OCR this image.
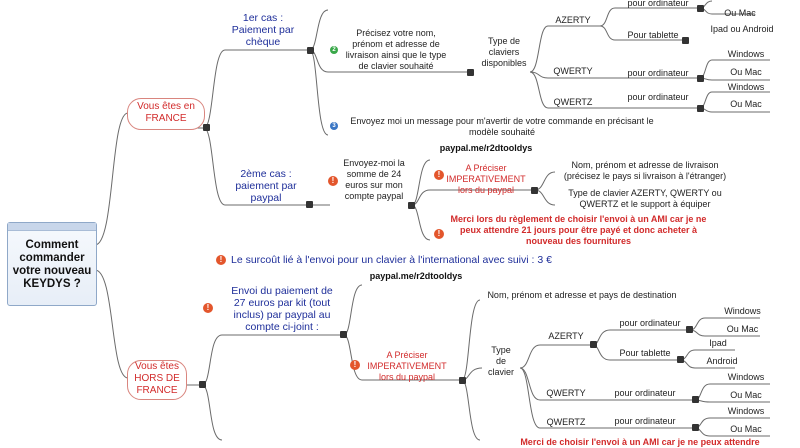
Comment
commander
votre nouveau
KEYDYS ?
Vous êtes en
FRANCE
1er cas :
Paiement par
chèque
2
Précisez votre nom,
prénom et adresse de
livraison ainsi que le type
de clavier souhaité
Type de
claviers
disponibles
AZERTY
QWERTY
QWERTZ
pour ordinateur
Ou Mac
Pour tablette
Ipad ou Android
pour ordinateur
Windows
Ou Mac
pour ordinateur
Windows
Ou Mac
3	Envoyez moi un message pour m'avertir de votre commande en précisant le
modèle souhaité
2ème cas :
paiement par
paypal
!
Envoyez-moi la
somme de 24
euros sur mon
compte paypal
paypal.me/r2dtooldys
!
A Préciser
IMPERATIVEMENT
lors du paypal
Nom, prénom et adresse de livraison
(précisez le pays si livraison à l'étranger)
Type de clavier AZERTY, QWERTY ou
QWERTZ et le support à équiper
!
Merci lors du règlement de choisir l'envoi à un AMI car je ne
peux attendre 21 jours pour être payé et donc acheter à
nouveau des fournitures
! Le surcoût lié à l'envoi pour un clavier à l'international avec suivi : 3 €
Vous êtes
HORS DE
FRANCE
!
Envoi du paiement de
27 euros par kit (tout
inclus) par paypal au
compte ci-joint :
paypal.me/r2dtooldys
Nom, prénom et adresse et pays de destination
!
A Préciser
IMPERATIVEMENT
lors du paypal
Type
de
clavier
AZERTY
QWERTY
QWERTZ
pour ordinateur
Windows
Ou Mac
Pour tablette
Ipad
Android
pour ordinateur
Windows
Ou Mac
pour ordinateur
Windows
Ou Mac
Merci de choisir l'envoi à un AMI car je ne peux attendre
